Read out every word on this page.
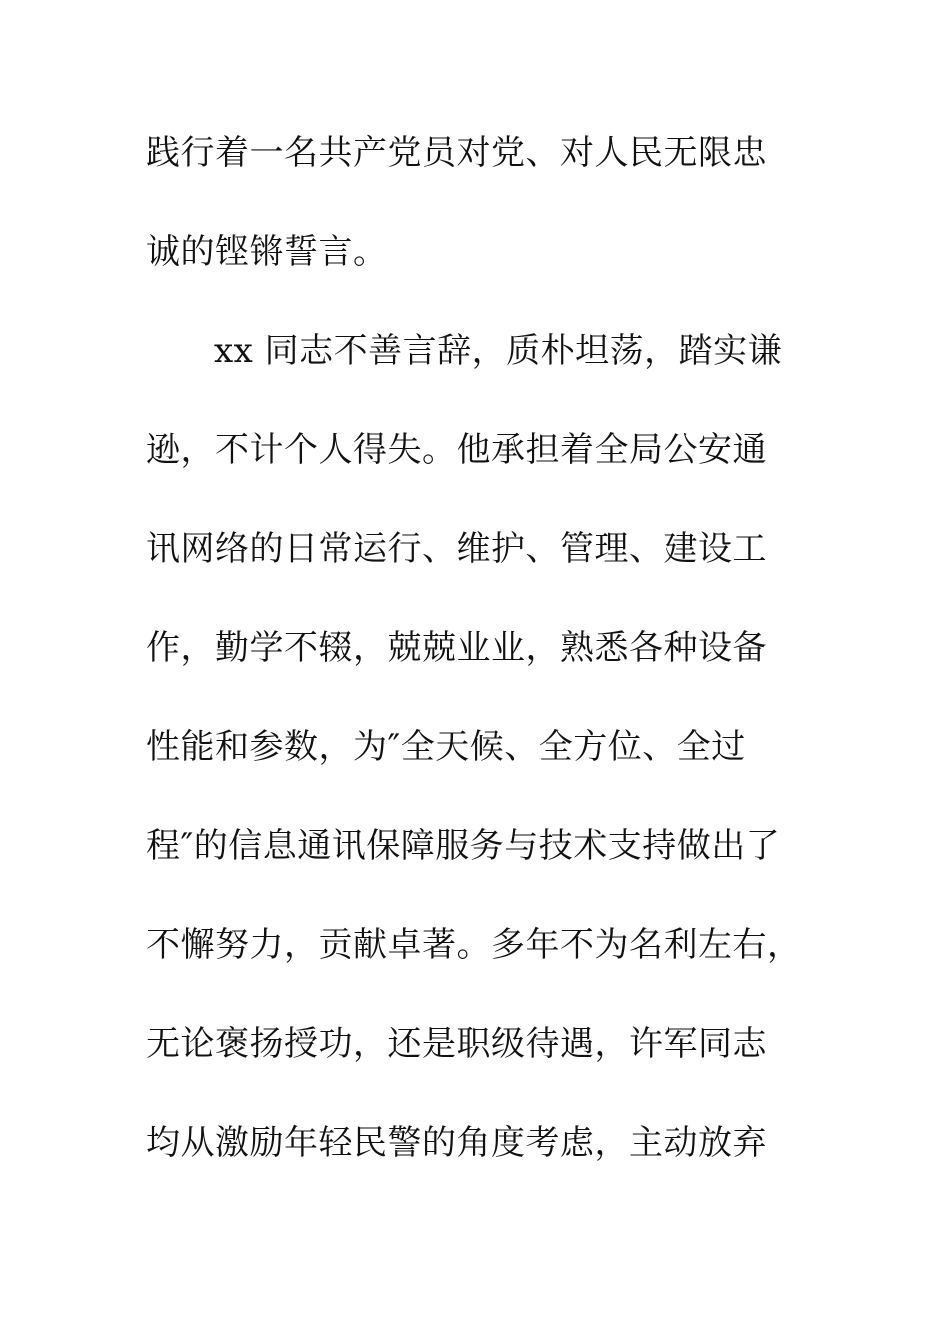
践行着一名共产党员对党、对人民无限忠
诚的铿锵誓言。
xx 同志不善言辞，质朴坦荡，踏实谦
逊，不计个人得失。他承担着全局公安通
讯网络的日常运行、维护、管理、建设工
作，勤学不辍，兢兢业业，熟悉各种设备
性能和参数，为″全天候、全方位、全过
程″的信息通讯保障服务与技术支持做出了
不懈努力，贡献卓著。多年不为名利左右，
无论褒扬授功，还是职级待遇，许军同志
均从激励年轻民警的角度考虑，主动放弃
